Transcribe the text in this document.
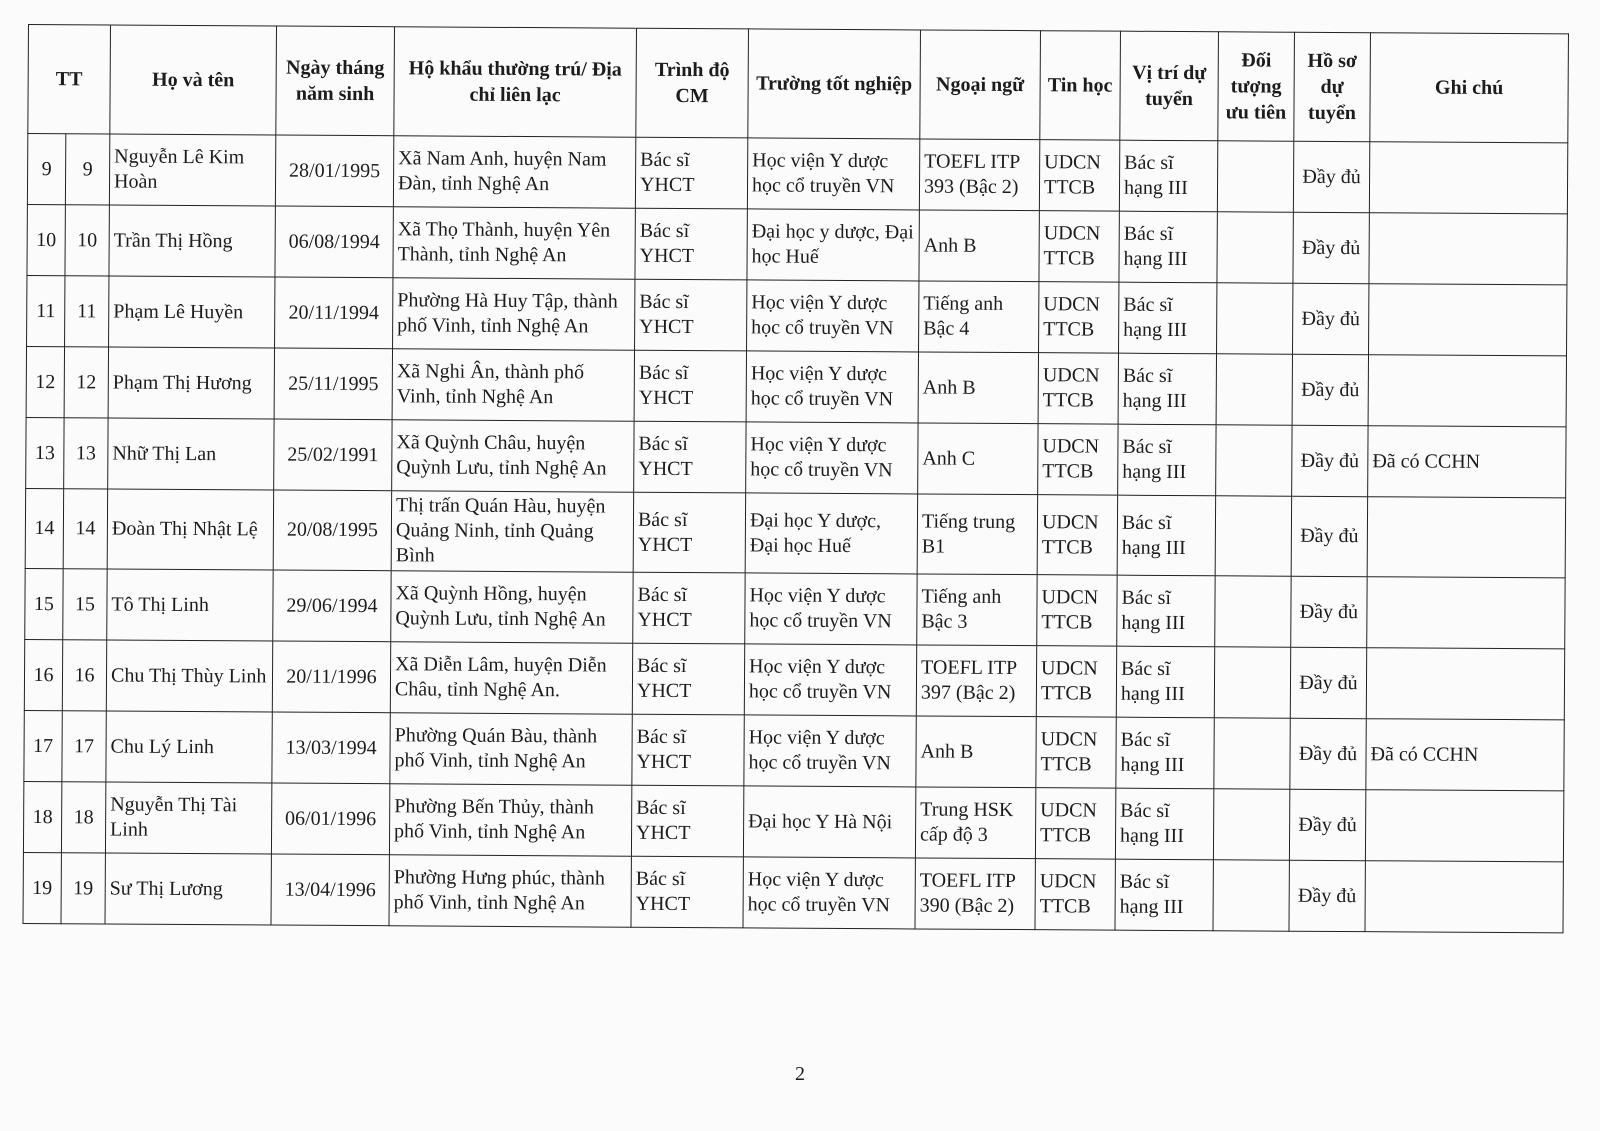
TT		Họ và tên	Ngày tháng năm sinh	Hộ khẩu thường trú/ Địa chỉ liên lạc	Trình độ CM	Trường tốt nghiệp	Ngoại ngữ	Tin học	Vị trí dự tuyển	Đối tượng ưu tiên	Hồ sơ dự tuyển	Ghi chú
9	9	Nguyễn Lê Kim Hoàn	28/01/1995	Xã Nam Anh, huyện Nam Đàn, tỉnh Nghệ An	Bác sĩ YHCT	Học viện Y dược học cổ truyền VN	TOEFL ITP 393 (Bậc 2)	UDCN TTCB	Bác sĩ hạng III		Đầy đủ	
10	10	Trần Thị Hồng	06/08/1994	Xã Thọ Thành, huyện Yên Thành, tỉnh Nghệ An	Bác sĩ YHCT	Đại học y dược, Đại học Huế	Anh B	UDCN TTCB	Bác sĩ hạng III		Đầy đủ	
11	11	Phạm Lê Huyền	20/11/1994	Phường Hà Huy Tập, thành phố Vinh, tỉnh Nghệ An	Bác sĩ YHCT	Học viện Y dược học cổ truyền VN	Tiếng anh Bậc 4	UDCN TTCB	Bác sĩ hạng III		Đầy đủ	
12	12	Phạm Thị Hương	25/11/1995	Xã Nghi Ân, thành phố Vinh, tỉnh Nghệ An	Bác sĩ YHCT	Học viện Y dược học cổ truyền VN	Anh B	UDCN TTCB	Bác sĩ hạng III		Đầy đủ	
13	13	Nhữ Thị Lan	25/02/1991	Xã Quỳnh Châu, huyện Quỳnh Lưu, tỉnh Nghệ An	Bác sĩ YHCT	Học viện Y dược học cổ truyền VN	Anh C	UDCN TTCB	Bác sĩ hạng III		Đầy đủ	Đã có CCHN
14	14	Đoàn Thị Nhật Lệ	20/08/1995	Thị trấn Quán Hàu, huyện Quảng Ninh, tỉnh Quảng Bình	Bác sĩ YHCT	Đại học Y dược, Đại học Huế	Tiếng trung B1	UDCN TTCB	Bác sĩ hạng III		Đầy đủ	
15	15	Tô Thị Linh	29/06/1994	Xã Quỳnh Hồng, huyện Quỳnh Lưu, tỉnh Nghệ An	Bác sĩ YHCT	Học viện Y dược học cổ truyền VN	Tiếng anh Bậc 3	UDCN TTCB	Bác sĩ hạng III		Đầy đủ	
16	16	Chu Thị Thùy Linh	20/11/1996	Xã Diễn Lâm, huyện Diễn Châu, tỉnh Nghệ An.	Bác sĩ YHCT	Học viện Y dược học cổ truyền VN	TOEFL ITP 397 (Bậc 2)	UDCN TTCB	Bác sĩ hạng III		Đầy đủ	
17	17	Chu Lý Linh	13/03/1994	Phường Quán Bàu, thành phố Vinh, tỉnh Nghệ An	Bác sĩ YHCT	Học viện Y dược học cổ truyền VN	Anh B	UDCN TTCB	Bác sĩ hạng III		Đầy đủ	Đã có CCHN
18	18	Nguyễn Thị Tài Linh	06/01/1996	Phường Bến Thủy, thành phố Vinh, tỉnh Nghệ An	Bác sĩ YHCT	Đại học Y Hà Nội	Trung HSK cấp độ 3	UDCN TTCB	Bác sĩ hạng III		Đầy đủ	
19	19	Sư Thị Lương	13/04/1996	Phường Hưng phúc, thành phố Vinh, tỉnh Nghệ An	Bác sĩ YHCT	Học viện Y dược học cổ truyền VN	TOEFL ITP 390 (Bậc 2)	UDCN TTCB	Bác sĩ hạng III		Đầy đủ	
2
